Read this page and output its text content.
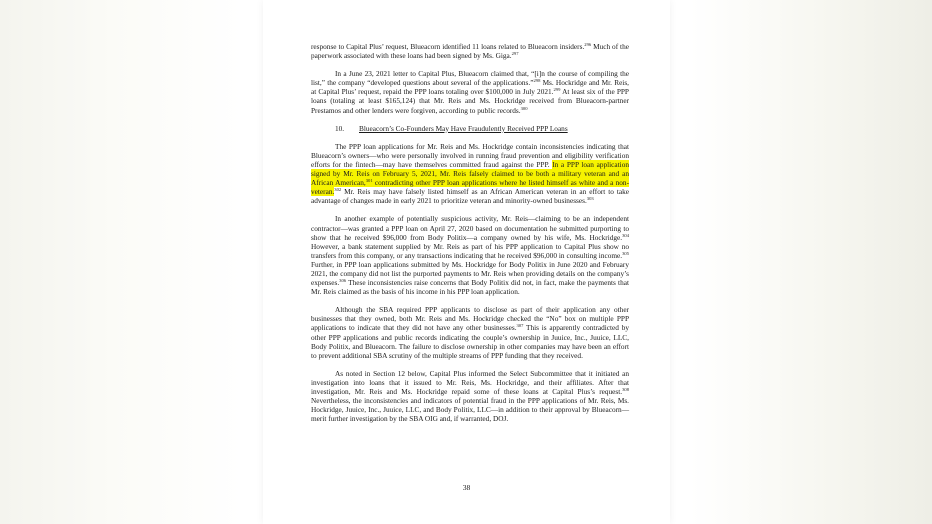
response to Capital Plus’ request, Blueacorn identified 11 loans related to Blueacorn insiders.$^{296}$ Much of the paperwork associated with these loans had been signed by Ms. Giga.$^{297}$

In a June 23, 2021 letter to Capital Plus, Blueacorn claimed that, “[i]n the course of compiling the list,” the company “developed questions about several of the applications.”$^{298}$ Ms. Hockridge and Mr. Reis, at Capital Plus’ request, repaid the PPP loans totaling over $100,000 in July 2021.$^{299}$ At least six of the PPP loans (totaling at least $165,124) that Mr. Reis and Ms. Hockridge received from Blueacorn-partner Prestamos and other lenders were forgiven, according to public records.$^{300}$

10. Blueacorn’s Co-Founders May Have Fraudulently Received PPP Loans

The PPP loan applications for Mr. Reis and Ms. Hockridge contain inconsistencies indicating that Blueacorn’s owners—who were personally involved in running fraud prevention and eligibility verification efforts for the fintech—may have themselves committed fraud against the PPP. In a PPP loan application signed by Mr. Reis on February 5, 2021, Mr. Reis falsely claimed to be both a military veteran and an African American,$^{301}$ contradicting other PPP loan applications where he listed himself as white and a non-veteran.$^{302}$ Mr. Reis may have falsely listed himself as an African American veteran in an effort to take advantage of changes made in early 2021 to prioritize veteran and minority-owned businesses.$^{303}$

In another example of potentially suspicious activity, Mr. Reis—claiming to be an independent contractor—was granted a PPP loan on April 27, 2020 based on documentation he submitted purporting to show that he received $96,000 from Body Politix—a company owned by his wife, Ms. Hockridge.$^{304}$ However, a bank statement supplied by Mr. Reis as part of his PPP application to Capital Plus show no transfers from this company, or any transactions indicating that he received $96,000 in consulting income.$^{305}$ Further, in PPP loan applications submitted by Ms. Hockridge for Body Politix in June 2020 and February 2021, the company did not list the purported payments to Mr. Reis when providing details on the company’s expenses.$^{306}$ These inconsistencies raise concerns that Body Politix did not, in fact, make the payments that Mr. Reis claimed as the basis of his income in his PPP loan application.

Although the SBA required PPP applicants to disclose as part of their application any other businesses that they owned, both Mr. Reis and Ms. Hockridge checked the “No” box on multiple PPP applications to indicate that they did not have any other businesses.$^{307}$ This is apparently contradicted by other PPP applications and public records indicating the couple’s ownership in Juuice, Inc., Juuice, LLC, Body Politix, and Blueacorn. The failure to disclose ownership in other companies may have been an effort to prevent additional SBA scrutiny of the multiple streams of PPP funding that they received.

As noted in Section 12 below, Capital Plus informed the Select Subcommittee that it initiated an investigation into loans that it issued to Mr. Reis, Ms. Hockridge, and their affiliates. After that investigation, Mr. Reis and Ms. Hockridge repaid some of these loans at Capital Plus’s request.$^{308}$ Nevertheless, the inconsistencies and indicators of potential fraud in the PPP applications of Mr. Reis, Ms. Hockridge, Juuice, Inc., Juuice, LLC, and Body Politix, LLC—in addition to their approval by Blueacorn—merit further investigation by the SBA OIG and, if warranted, DOJ.

38
